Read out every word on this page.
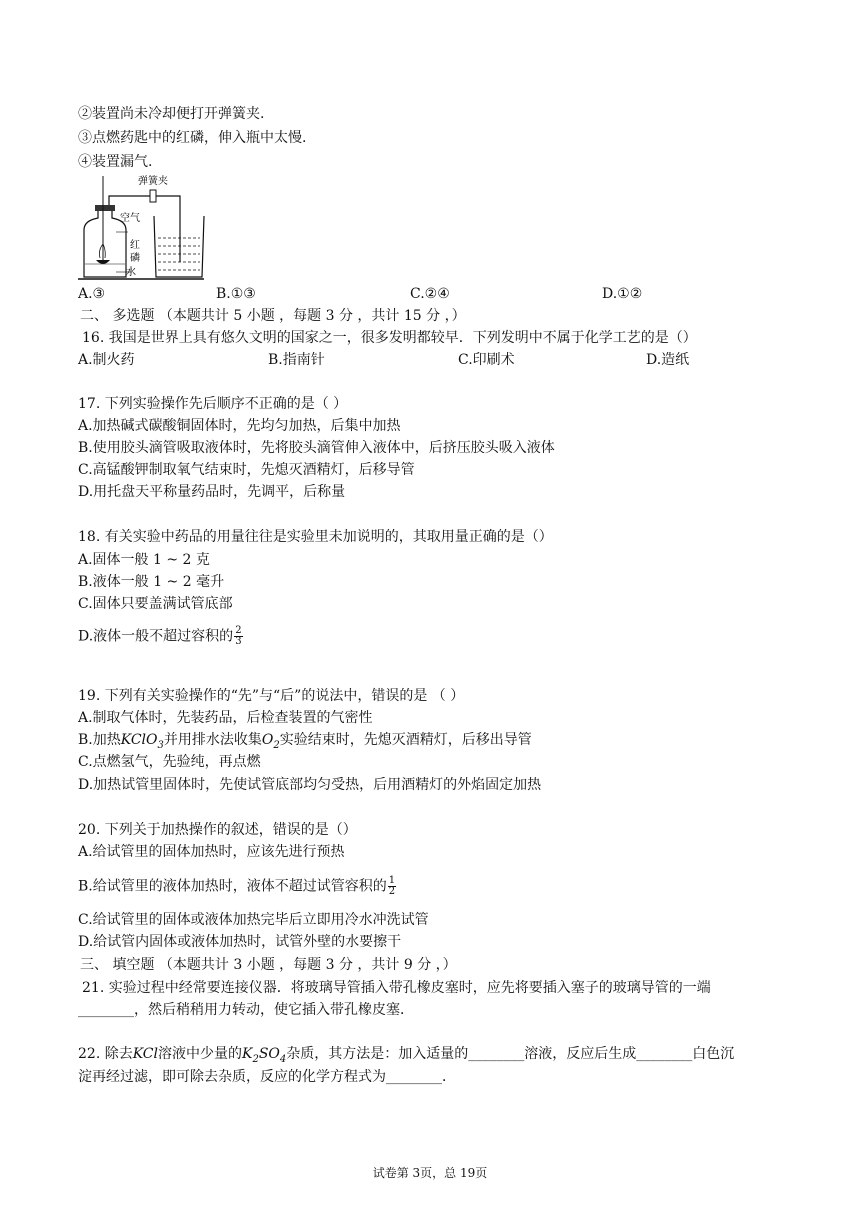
②装置尚未冷却便打开弹簧夹.
③点燃药匙中的红磷，伸入瓶中太慢.
④装置漏气.
弹簧夹
空气
红
磷
水
A.③	B.①③	C.②④	D.①②
二、 多选题 （本题共计 5 小题 ，每题 3 分 ，共计 15 分 ，）
16. 我国是世界上具有悠久文明的国家之一，很多发明都较早．下列发明中不属于化学工艺的是（）
A.制火药	B.指南针	C.印刷术	D.造纸
17. 下列实验操作先后顺序不正确的是（ ）
A.加热碱式碳酸铜固体时，先均匀加热，后集中加热
B.使用胶头滴管吸取液体时，先将胶头滴管伸入液体中，后挤压胶头吸入液体
C.高锰酸钾制取氧气结束时，先熄灭酒精灯，后移导管
D.用托盘天平称量药品时，先调平，后称量
18. 有关实验中药品的用量往往是实验里未加说明的，其取用量正确的是（）
A.固体一般 1 ~ 2 克
B.液体一般 1 ~ 2 毫升
C.固体只要盖满试管底部
D.液体一般不超过容积的 $\frac{2}{3}$
19. 下列有关实验操作的“先”与“后”的说法中，错误的是 （ ）
A.制取气体时，先装药品，后检查装置的气密性
B.加热KClO$_3$并用排水法收集$O_2$实验结束时，先熄灭酒精灯，后移出导管
C.点燃氢气，先验纯，再点燃
D.加热试管里固体时，先使试管底部均匀受热，后用酒精灯的外焰固定加热
20. 下列关于加热操作的叙述，错误的是（）
A.给试管里的固体加热时，应该先进行预热
B.给试管里的液体加热时，液体不超过试管容积的 $\frac{1}{2}$
C.给试管里的固体或液体加热完毕后立即用冷水冲洗试管
D.给试管内固体或液体加热时，试管外壁的水要擦干
三、 填空题 （本题共计 3 小题 ，每题 3 分 ，共计 9 分 ，）
21. 实验过程中经常要连接仪器．将玻璃导管插入带孔橡皮塞时，应先将要插入塞子的玻璃导管的一端
________，然后稍稍用力转动，使它插入带孔橡皮塞．
22. 除去KCl溶液中少量的$K_2SO_4$杂质，其方法是：加入适量的________溶液，反应后生成________白色沉
淀再经过滤，即可除去杂质，反应的化学方程式为________．
试卷第 3页，总 19页
